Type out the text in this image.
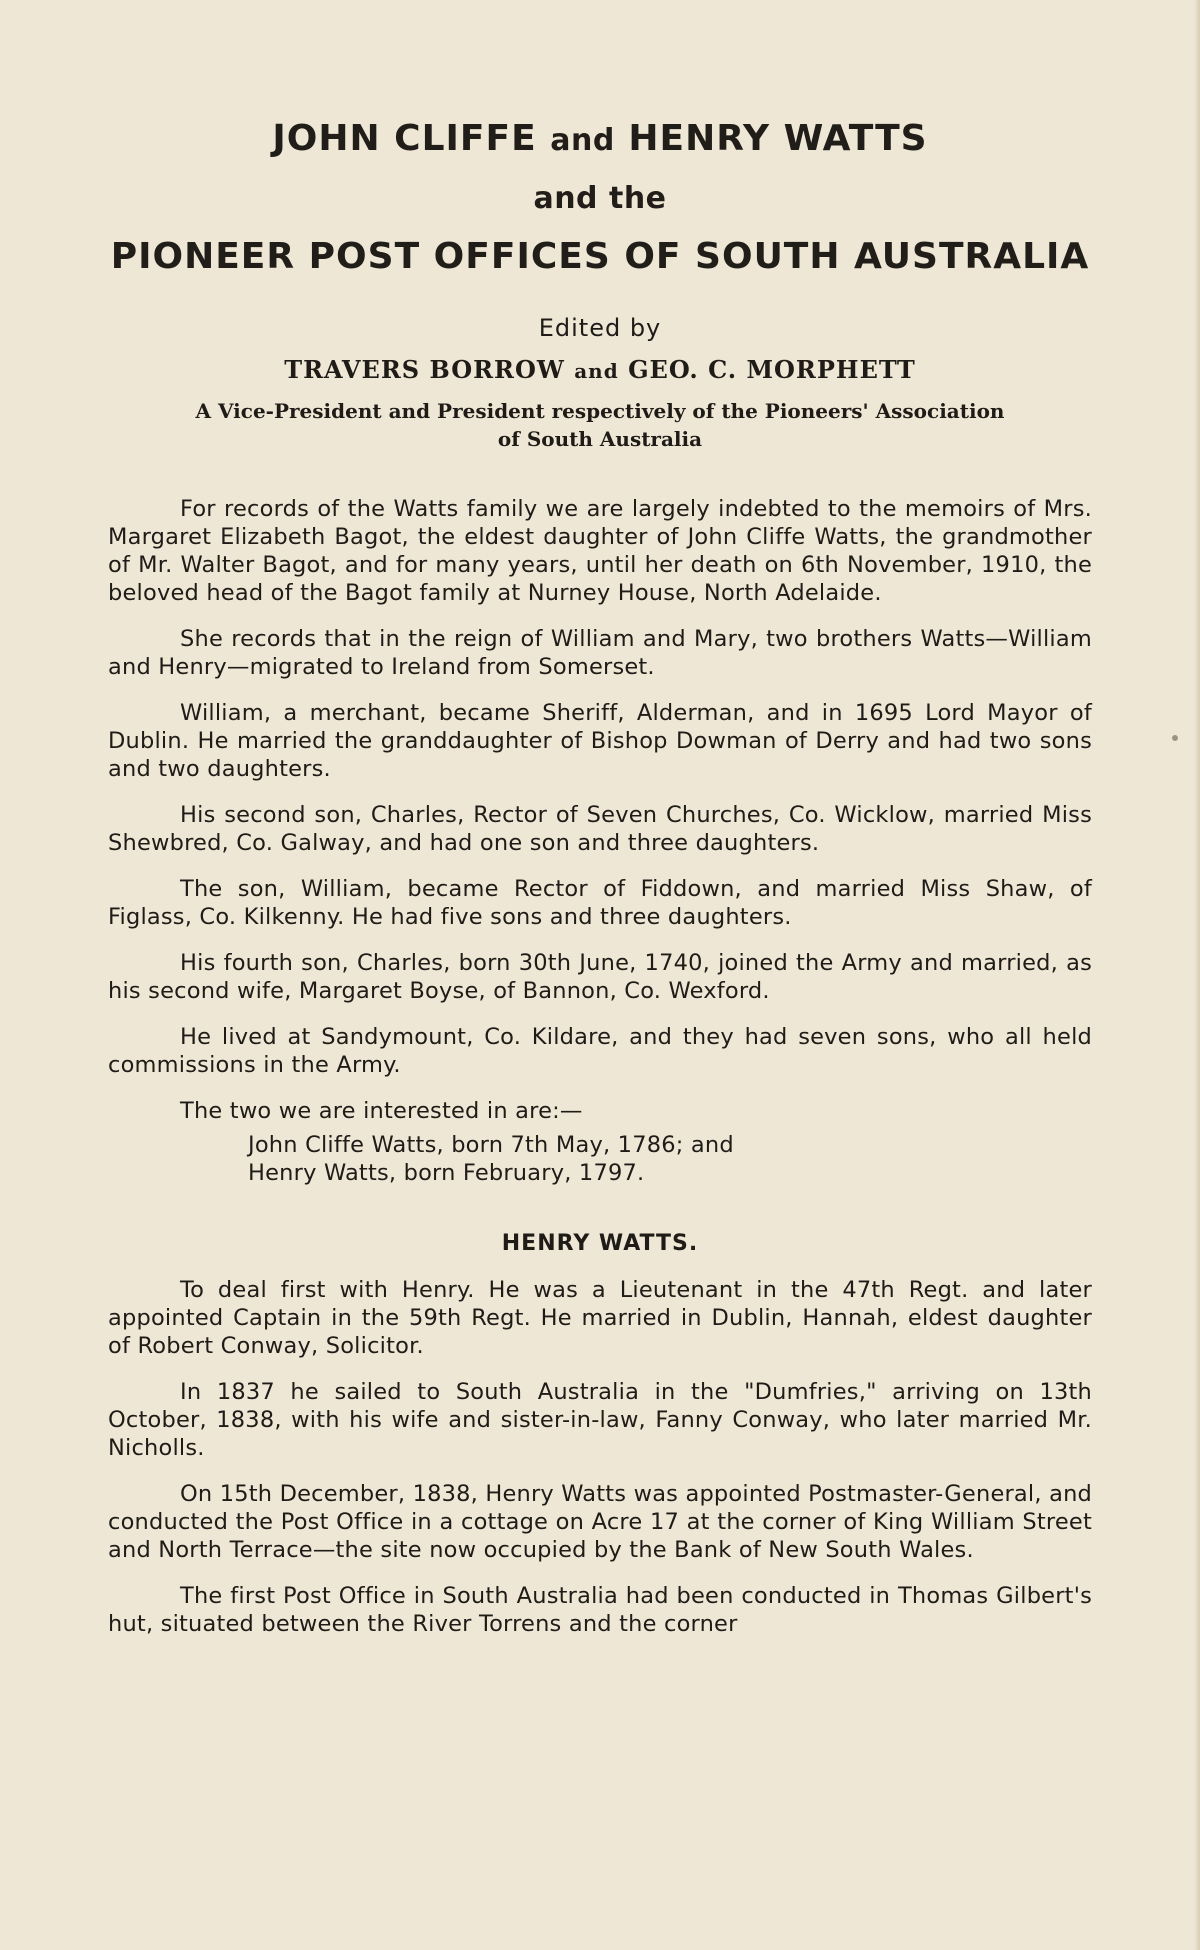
JOHN CLIFFE and HENRY WATTS
and the
PIONEER POST OFFICES OF SOUTH AUSTRALIA
Edited by
TRAVERS BORROW and GEO. C. MORPHETT
A Vice-President and President respectively of the Pioneers' Association
of South Australia

For records of the Watts family we are largely indebted to the memoirs of Mrs. Margaret Elizabeth Bagot, the eldest daughter of John Cliffe Watts, the grandmother of Mr. Walter Bagot, and for many years, until her death on 6th November, 1910, the beloved head of the Bagot family at Nurney House, North Adelaide.

She records that in the reign of William and Mary, two brothers Watts—William and Henry—migrated to Ireland from Somerset.

William, a merchant, became Sheriff, Alderman, and in 1695 Lord Mayor of Dublin. He married the granddaughter of Bishop Dowman of Derry and had two sons and two daughters.

His second son, Charles, Rector of Seven Churches, Co. Wicklow, married Miss Shewbred, Co. Galway, and had one son and three daughters.

The son, William, became Rector of Fiddown, and married Miss Shaw, of Figlass, Co. Kilkenny. He had five sons and three daughters.

His fourth son, Charles, born 30th June, 1740, joined the Army and married, as his second wife, Margaret Boyse, of Bannon, Co. Wexford.

He lived at Sandymount, Co. Kildare, and they had seven sons, who all held commissions in the Army.

The two we are interested in are:—

John Cliffe Watts, born 7th May, 1786; and

Henry Watts, born February, 1797.

HENRY WATTS.

To deal first with Henry. He was a Lieutenant in the 47th Regt. and later appointed Captain in the 59th Regt. He married in Dublin, Hannah, eldest daughter of Robert Conway, Solicitor.

In 1837 he sailed to South Australia in the "Dumfries," arriving on 13th October, 1838, with his wife and sister-in-law, Fanny Conway, who later married Mr. Nicholls.

On 15th December, 1838, Henry Watts was appointed Postmaster-General, and conducted the Post Office in a cottage on Acre 17 at the corner of King William Street and North Terrace—the site now occupied by the Bank of New South Wales.

The first Post Office in South Australia had been conducted in Thomas Gilbert's hut, situated between the River Torrens and the corner
